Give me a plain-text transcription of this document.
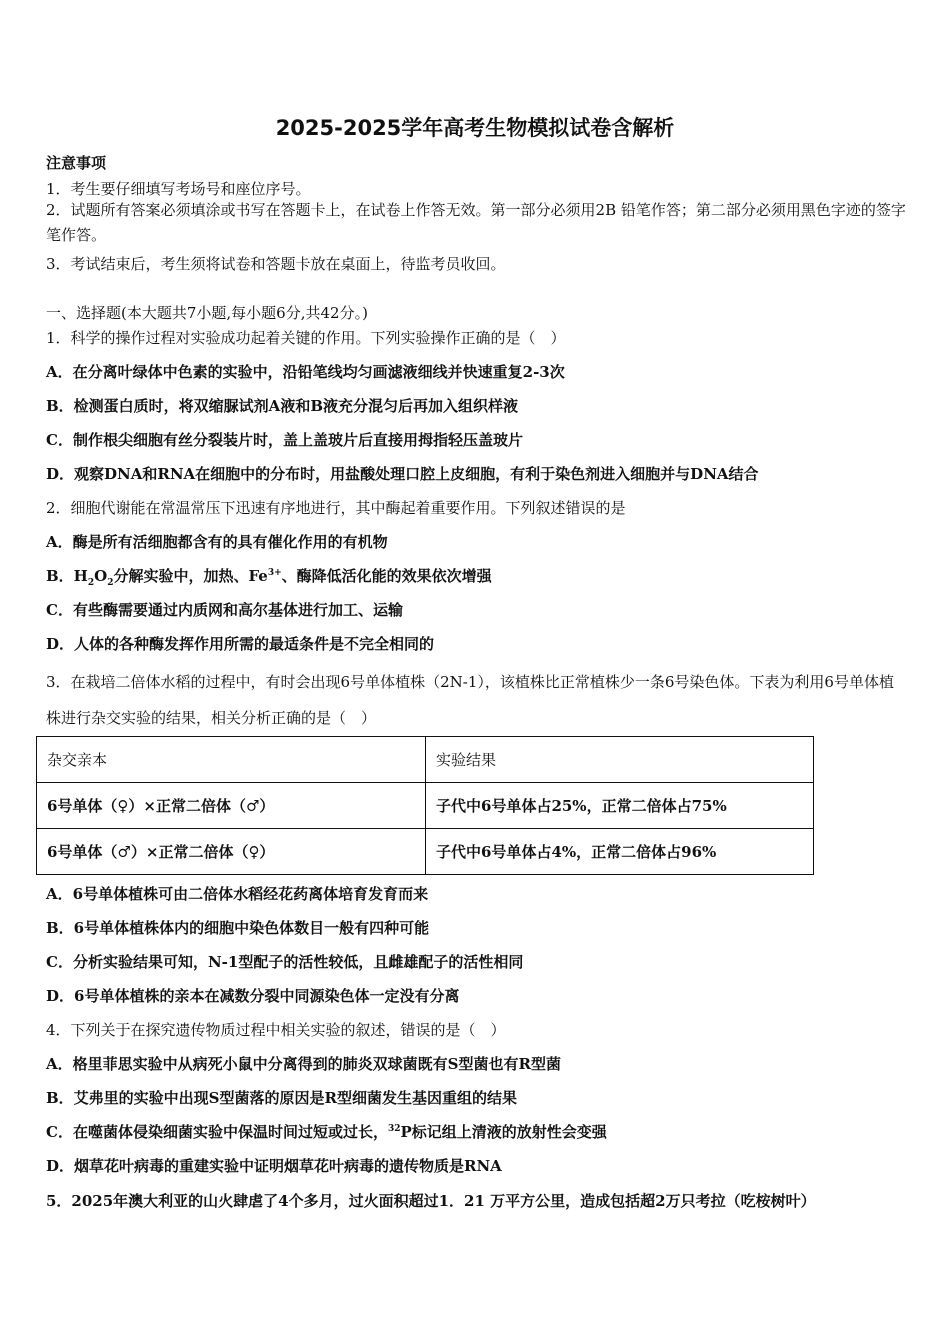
2025-2025学年高考生物模拟试卷含解析
注意事项
1．考生要仔细填写考场号和座位序号。
2．试题所有答案必须填涂或书写在答题卡上，在试卷上作答无效。第一部分必须用2B 铅笔作答；第二部分必须用黑色字迹的签字笔作答。
3．考试结束后，考生须将试卷和答题卡放在桌面上，待监考员收回。
一、选择题(本大题共7小题,每小题6分,共42分。)
1．科学的操作过程对实验成功起着关键的作用。下列实验操作正确的是（　）
A．在分离叶绿体中色素的实验中，沿铅笔线均匀画滤液细线并快速重复2-3次
B．检测蛋白质时，将双缩脲试剂A液和B液充分混匀后再加入组织样液
C．制作根尖细胞有丝分裂装片时，盖上盖玻片后直接用拇指轻压盖玻片
D．观察DNA和RNA在细胞中的分布时，用盐酸处理口腔上皮细胞，有利于染色剂进入细胞并与DNA结合
2．细胞代谢能在常温常压下迅速有序地进行，其中酶起着重要作用。下列叙述错误的是
A．酶是所有活细胞都含有的具有催化作用的有机物
B．$H_2O_2$分解实验中，加热、$Fe^{3+}$、酶降低活化能的效果依次增强
C．有些酶需要通过内质网和高尔基体进行加工、运输
D．人体的各种酶发挥作用所需的最适条件是不完全相同的
3．在栽培二倍体水稻的过程中，有时会出现6号单体植株（2N-1），该植株比正常植株少一条6号染色体。下表为利用6号单体植株进行杂交实验的结果，相关分析正确的是（　）
杂交亲本	实验结果
6号单体（♀）×正常二倍体（♂）	子代中6号单体占25%，正常二倍体占75%
6号单体（♂）×正常二倍体（♀）	子代中6号单体占4%，正常二倍体占96%
A．6号单体植株可由二倍体水稻经花药离体培育发育而来
B．6号单体植株体内的细胞中染色体数目一般有四种可能
C．分析实验结果可知，N-1型配子的活性较低，且雌雄配子的活性相同
D．6号单体植株的亲本在减数分裂中同源染色体一定没有分离
4．下列关于在探究遗传物质过程中相关实验的叙述，错误的是（　）
A．格里菲思实验中从病死小鼠中分离得到的肺炎双球菌既有S型菌也有R型菌
B．艾弗里的实验中出现S型菌落的原因是R型细菌发生基因重组的结果
C．在噬菌体侵染细菌实验中保温时间过短或过长，$^{32}$P标记组上清液的放射性会变强
D．烟草花叶病毒的重建实验中证明烟草花叶病毒的遗传物质是RNA
5．2025年澳大利亚的山火肆虐了4个多月，过火面积超过1．21 万平方公里，造成包括超2万只考拉（吃桉树叶）
